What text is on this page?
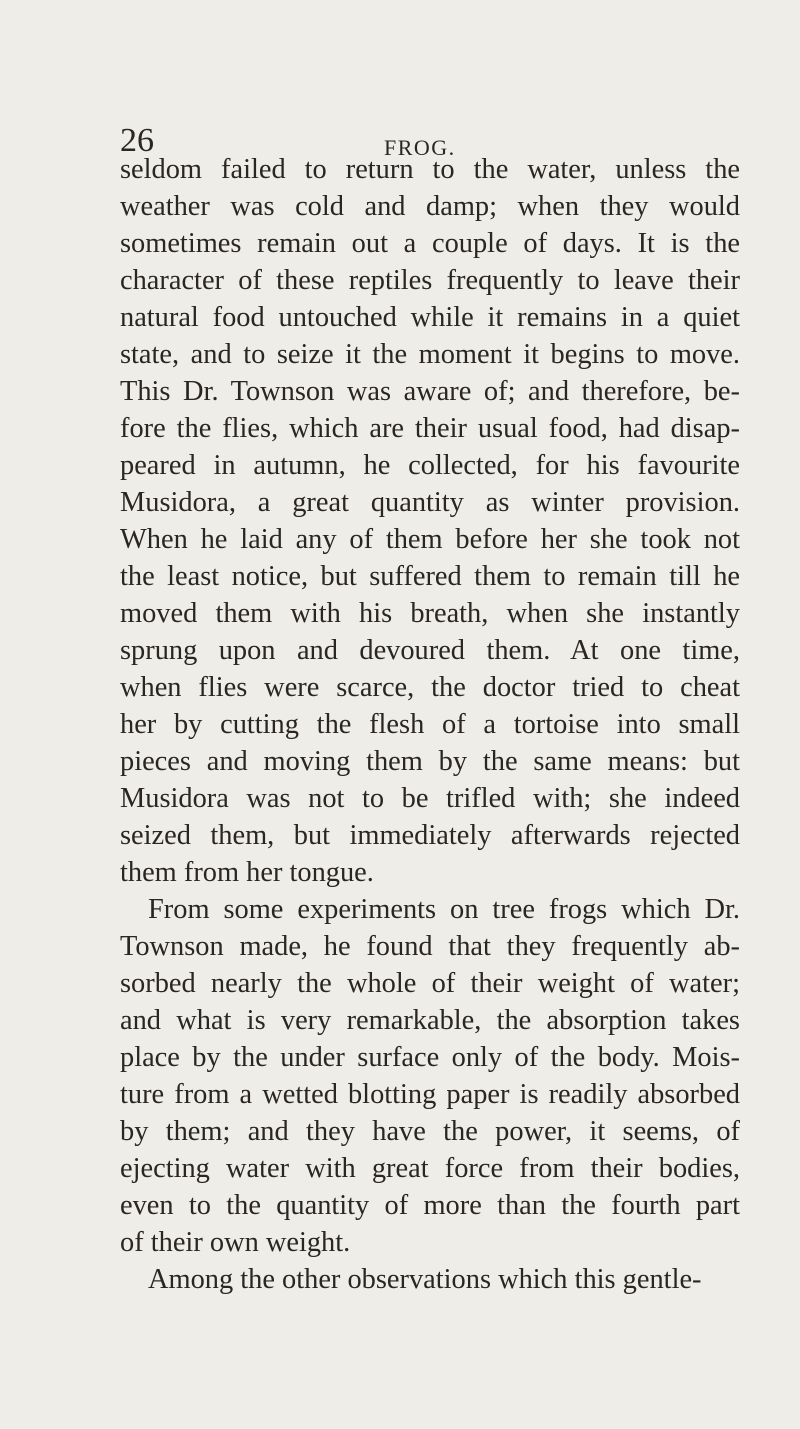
26	FROG.
seldom failed to return to the water, unless the
weather was cold and damp; when they would
sometimes remain out a couple of days. It is the
character of these reptiles frequently to leave their
natural food untouched while it remains in a quiet
state, and to seize it the moment it begins to move.
This Dr. Townson was aware of; and therefore, be-
fore the flies, which are their usual food, had disap-
peared in autumn, he collected, for his favourite
Musidora, a great quantity as winter provision.
When he laid any of them before her she took not
the least notice, but suffered them to remain till he
moved them with his breath, when she instantly
sprung upon and devoured them. At one time,
when flies were scarce, the doctor tried to cheat
her by cutting the flesh of a tortoise into small
pieces and moving them by the same means: but
Musidora was not to be trifled with; she indeed
seized them, but immediately afterwards rejected
them from her tongue.
From some experiments on tree frogs which Dr.
Townson made, he found that they frequently ab-
sorbed nearly the whole of their weight of water;
and what is very remarkable, the absorption takes
place by the under surface only of the body. Mois-
ture from a wetted blotting paper is readily absorbed
by them; and they have the power, it seems, of
ejecting water with great force from their bodies,
even to the quantity of more than the fourth part
of their own weight.
Among the other observations which this gentle-
